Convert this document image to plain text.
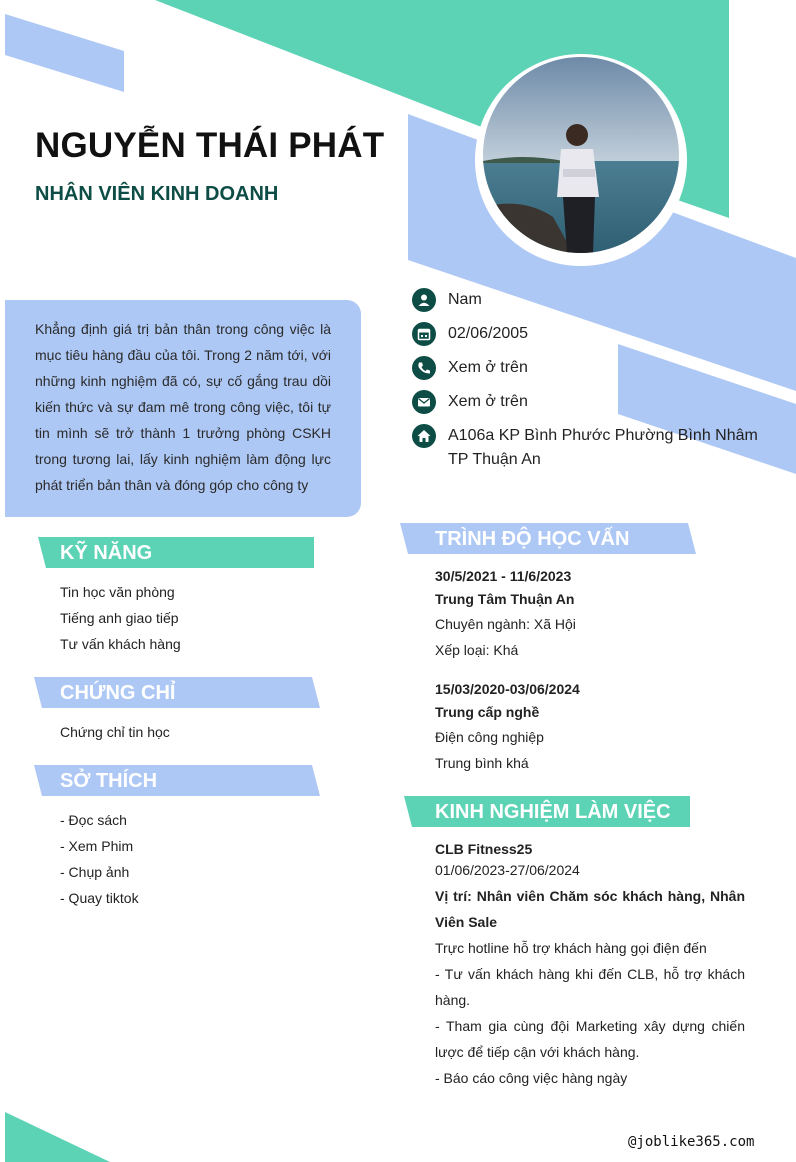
NGUYỄN THÁI PHÁT
NHÂN VIÊN KINH DOANH

Khẳng định giá trị bản thân trong công việc là mục tiêu hàng đầu của tôi. Trong 2 năm tới, với những kinh nghiệm đã có, sự cố gắng trau dồi kiến thức và sự đam mê trong công việc, tôi tự tin mình sẽ trở thành 1 trưởng phòng CSKH trong tương lai, lấy kinh nghiệm làm động lực phát triển bản thân và đóng góp cho công ty

Nam
02/06/2005
Xem ở trên
Xem ở trên
A106a KP Bình Phước Phường Bình Nhâm TP Thuận An
KỸ NĂNG
Tin học văn phòng
Tiếng anh giao tiếp
Tư vấn khách hàng
CHỨNG CHỈ
Chứng chỉ tin học
SỞ THÍCH
- Đọc sách
- Xem Phim
- Chụp ảnh
- Quay tiktok
TRÌNH ĐỘ HỌC VẤN
30/5/2021 - 11/6/2023
Trung Tâm Thuận An
Chuyên ngành: Xã Hội
Xếp loại: Khá
15/03/2020-03/06/2024
Trung cấp nghề
Điện công nghiệp
Trung bình khá
KINH NGHIỆM LÀM VIỆC
CLB Fitness25
01/06/2023-27/06/2024
Vị trí: Nhân viên Chăm sóc khách hàng, Nhân Viên Sale
Trực hotline hỗ trợ khách hàng gọi điện đến
- Tư vấn khách hàng khi đến CLB, hỗ trợ khách hàng.
- Tham gia cùng đội Marketing xây dựng chiến lược để tiếp cận với khách hàng.
- Báo cáo công việc hàng ngày
@joblike365.com
